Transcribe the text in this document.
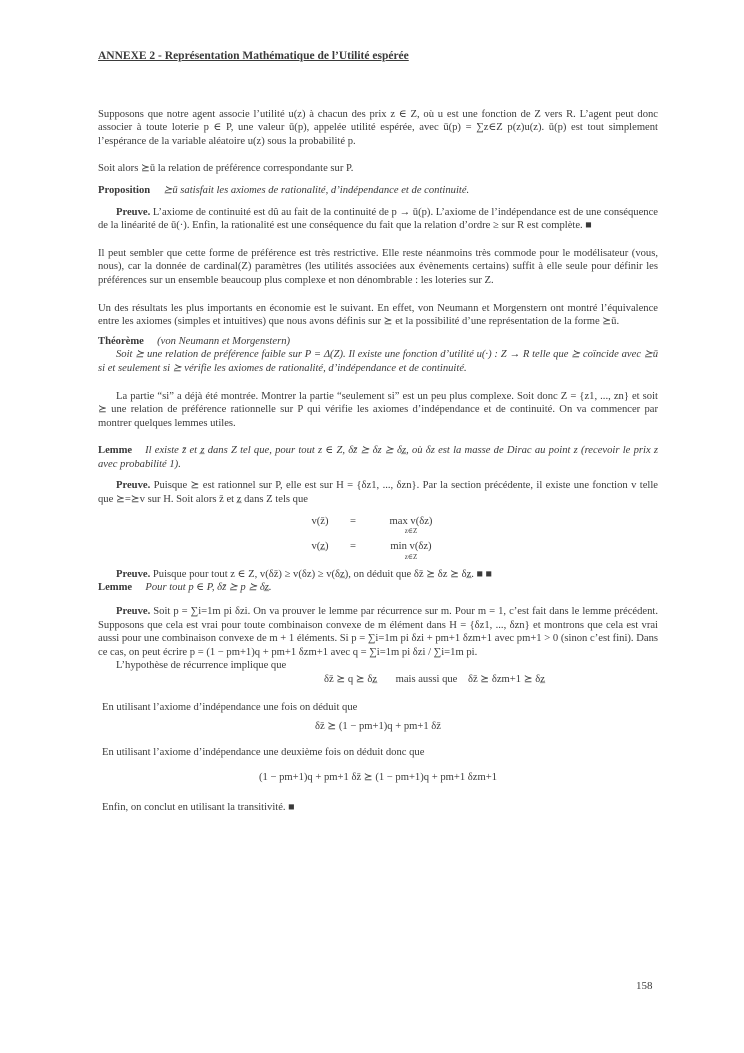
ANNEXE 2 - Représentation Mathématique de l’Utilité espérée

Supposons que notre agent associe l’utilité u(z) à chacun des prix z ∈ Z, où u est une fonction de Z vers R. L’agent peut donc associer à toute loterie p ∈ P, une valeur ū(p), appelée utilité espérée, avec ū(p) = ∑z∈Z p(z)u(z). ū(p) est tout simplement l’espérance de la variable aléatoire u(z) sous la probabilité p.

Soit alors ⪰ū la relation de préférence correspondante sur P.

Proposition ⪰ū satisfait les axiomes de rationalité, d’indépendance et de continuité.

Preuve. L’axiome de continuité est dû au fait de la continuité de p → ū(p). L’axiome de l’indépendance est de une conséquence de la linéarité de ū(·). Enfin, la rationalité est une conséquence du fait que la relation d’ordre ≥ sur R est complète. ■

Il peut sembler que cette forme de préférence est très restrictive. Elle reste néanmoins très commode pour le modélisateur (vous, nous), car la donnée de cardinal(Z) paramètres (les utilités associées aux évènements certains) suffit à elle seule pour définir les préférences sur un ensemble beaucoup plus complexe et non dénombrable : les loteries sur Z.

Un des résultats les plus importants en économie est le suivant. En effet, von Neumann et Morgenstern ont montré l’équivalence entre les axiomes (simples et intuitives) que nous avons définis sur ⪰ et la possibilité d’une représentation de la forme ⪰ū.

Théorème (von Neumann et Morgenstern)

Soit ⪰ une relation de préférence faible sur P = Δ(Z). Il existe une fonction d’utilité u(·) : Z → R telle que ⪰ coïncide avec ⪰ū si et seulement si ⪰ vérifie les axiomes de rationalité, d’indépendance et de continuité.

La partie “si” a déjà été montrée. Montrer la partie “seulement si” est un peu plus complexe. Soit donc Z = {z1, ..., zn} et soit ⪰ une relation de préférence rationnelle sur P qui vérifie les axiomes d’indépendance et de continuité. On va commencer par montrer quelques lemmes utiles.

Lemme Il existe z̄ et z̲ dans Z tel que, pour tout z ∈ Z, δz̄ ⪰ δz ⪰ δz̲, où δz est la masse de Dirac au point z (recevoir le prix z avec probabilité 1).

Preuve. Puisque ⪰ est rationnel sur P, elle est sur H = {δz1, ..., δzn}. Par la section précédente, il existe une fonction v telle que ⪰=⪰v sur H. Soit alors z̄ et z̲ dans Z tels que

v(z̄)	=	max v(δz)
z∈Z
v(z̲)	=	min v(δz)
z∈Z

Preuve. Puisque pour tout z ∈ Z, v(δz̄) ≥ v(δz) ≥ v(δz̲), on déduit que δz̄ ⪰ δz ⪰ δz̲. ■ ■

Lemme Pour tout p ∈ P, δz̄ ⪰ p ⪰ δz̲.

Preuve. Soit p = ∑i=1m pi δzi. On va prouver le lemme par récurrence sur m. Pour m = 1, c’est fait dans le lemme précédent. Supposons que cela est vrai pour toute combinaison convexe de m élément dans H = {δz1, ..., δzn} et montrons que cela est vrai aussi pour une combinaison convexe de m + 1 éléments. Si p = ∑i=1m pi δzi + pm+1 δzm+1 avec pm+1 > 0 (sinon c’est fini). Dans ce cas, on peut écrire p = (1 − pm+1)q + pm+1 δzm+1 avec q = ∑i=1m pi δzi / ∑i=1m pi.

L’hypothèse de récurrence implique que

δz̄ ⪰ q ⪰ δz̲ mais aussi que δz̄ ⪰ δzm+1 ⪰ δz̲

En utilisant l’axiome d’indépendance une fois on déduit que

δz̄ ⪰ (1 − pm+1)q + pm+1 δz̄

En utilisant l’axiome d’indépendance une deuxième fois on déduit donc que

(1 − pm+1)q + pm+1 δz̄ ⪰ (1 − pm+1)q + pm+1 δzm+1

Enfin, on conclut en utilisant la transitivité. ■

158
